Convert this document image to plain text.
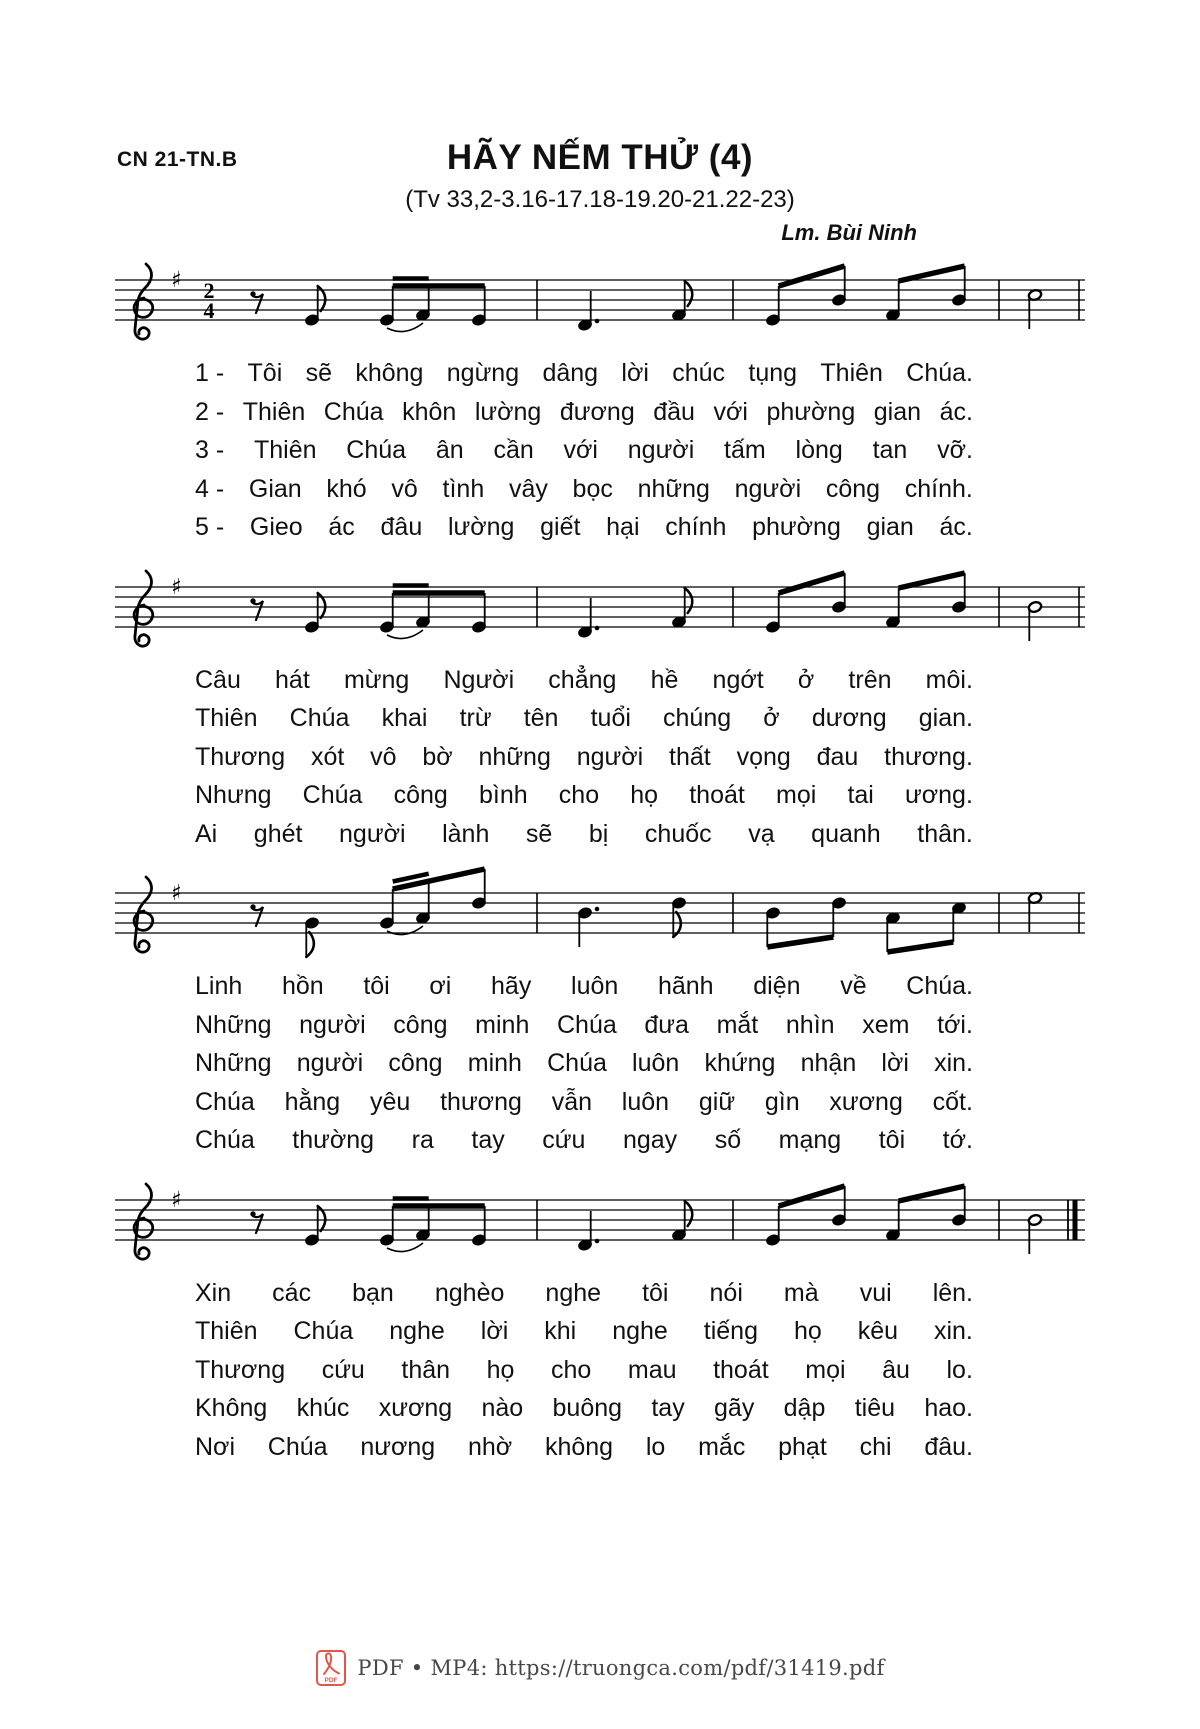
CN 21-TN.B	HÃY NẾM THỬ (4)
(Tv 33,2-3.16-17.18-19.20-21.22-23)
Lm. Bùi Ninh
♯ 2
4
1 - Tôi sẽ không ngừng dâng lời chúc tụng Thiên Chúa.
2 - Thiên Chúa khôn lường đương đầu với phường gian ác.
3 - Thiên Chúa ân cần với người tấm lòng tan vỡ.
4 - Gian khó vô tình vây bọc những người công chính.
5 - Gieo ác đâu lường giết hại chính phường gian ác.
♯
Câu hát mừng Người chẳng hề ngớt ở trên môi.
Thiên Chúa khai trừ tên tuổi chúng ở dương gian.
Thương xót vô bờ những người thất vọng đau thương.
Nhưng Chúa công bình cho họ thoát mọi tai ương.
Ai ghét người lành sẽ bị chuốc vạ quanh thân.
♯
Linh hồn tôi ơi hãy luôn hãnh diện về Chúa.
Những người công minh Chúa đưa mắt nhìn xem tới.
Những người công minh Chúa luôn khứng nhận lời xin.
Chúa hằng yêu thương vẫn luôn giữ gìn xương cốt.
Chúa thường ra tay cứu ngay số mạng tôi tớ.
♯
Xin các bạn nghèo nghe tôi nói mà vui lên.
Thiên Chúa nghe lời khi nghe tiếng họ kêu xin.
Thương cứu thân họ cho mau thoát mọi âu lo.
Không khúc xương nào buông tay gãy dập tiêu hao.
Nơi Chúa nương nhờ không lo mắc phạt chi đâu.
PDF
PDF • MP4: https://truongca.com/pdf/31419.pdf
